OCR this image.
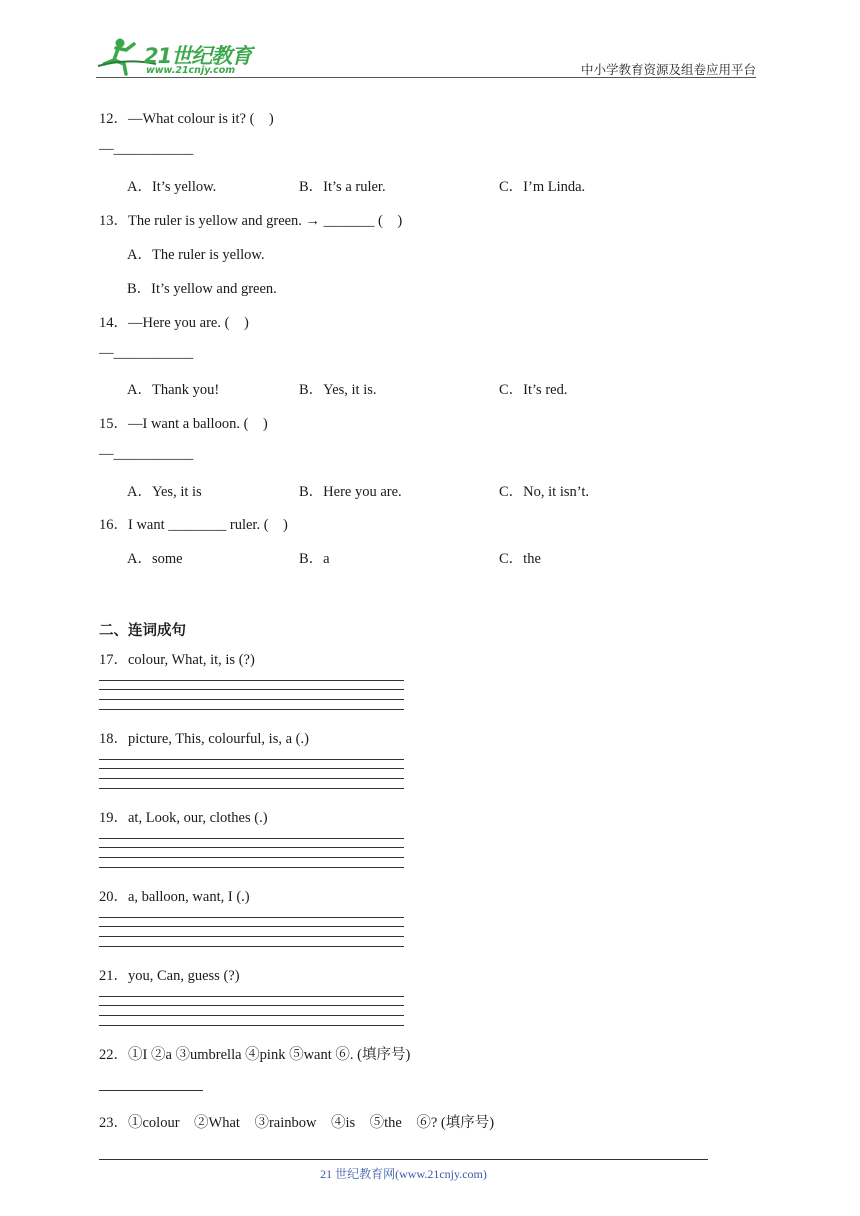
21世纪教育
www.21cnjy.com	中小学教育资源及组卷应用平台
12．—What colour is it? (　)
—___________
A．It’s yellow.	B．It’s a ruler.	C．I’m Linda.
13．The ruler is yellow and green. → _______ (　)
A．The ruler is yellow.
B．It’s yellow and green.
14．—Here you are. (　)
—___________
A．Thank you!	B．Yes, it is.	C．It’s red.
15．—I want a balloon. (　)
—___________
A．Yes, it is	B．Here you are.	C．No, it isn’t.
16．I want ________ ruler. (　)
A．some	B．a	C．the
二、连词成句
17．colour, What, it, is (?)
18．picture, This, colourful, is, a (.)
19．at, Look, our, clothes (.)
20．a, balloon, want, I (.)
21．you, Can, guess (?)
22．①I ②a ③umbrella ④pink ⑤want ⑥. (填序号)
23．①colour　②What　③rainbow　④is　⑤the　⑥? (填序号)
21 世纪教育网(www.21cnjy.com)
